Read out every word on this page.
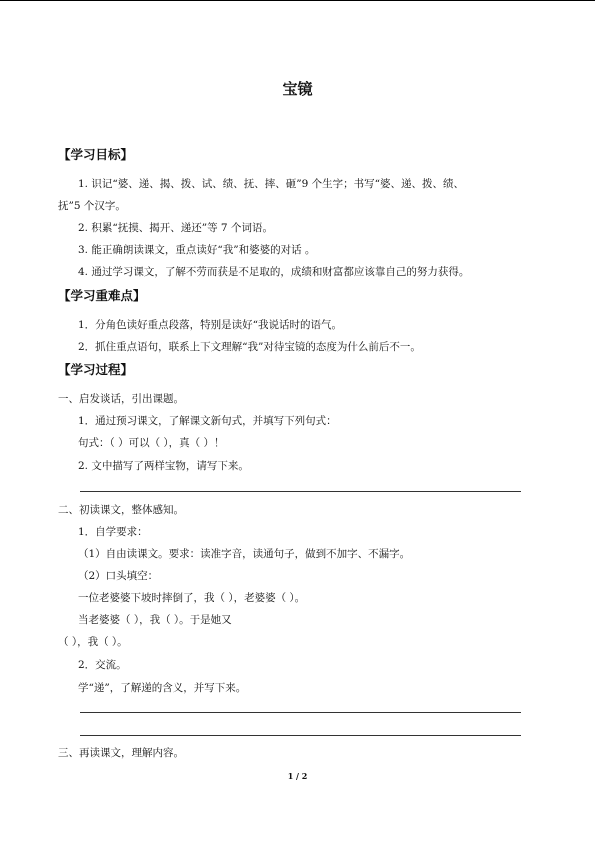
宝镜
【学习目标】
1. 识记“婆、递、揭、拨、试、绩、抚、摔、砸”9 个生字；书写“婆、递、拨、绩、
抚”5 个汉字。
2. 积累“抚摸、揭开、递还”等 7 个词语。
3. 能正确朗读课文，重点读好“我”和婆婆的对话 。
4. 通过学习课文，了解不劳而获是不足取的，成绩和财富都应该靠自己的努力获得。
【学习重难点】
1．分角色读好重点段落，特别是读好“我说话时的语气。
2．抓住重点语句，联系上下文理解“我”对待宝镜的态度为什么前后不一。
【学习过程】
一、启发谈话，引出课题。
1．通过预习课文，了解课文新句式，并填写下列句式：
句式：（ ）可以（ ），真（ ）！
2. 文中描写了两样宝物，请写下来。
二、初读课文，整体感知。
1．自学要求：
（1）自由读课文。要求：读准字音，读通句子，做到不加字、不漏字。
（2）口头填空：
一位老婆婆下坡时摔倒了，我（ ），老婆婆（ ）。
当老婆婆（ ），我（ ）。于是她又
（ ），我（ ）。
2．交流。
学“递”，了解递的含义，并写下来。
三、再读课文，理解内容。
1 / 2
